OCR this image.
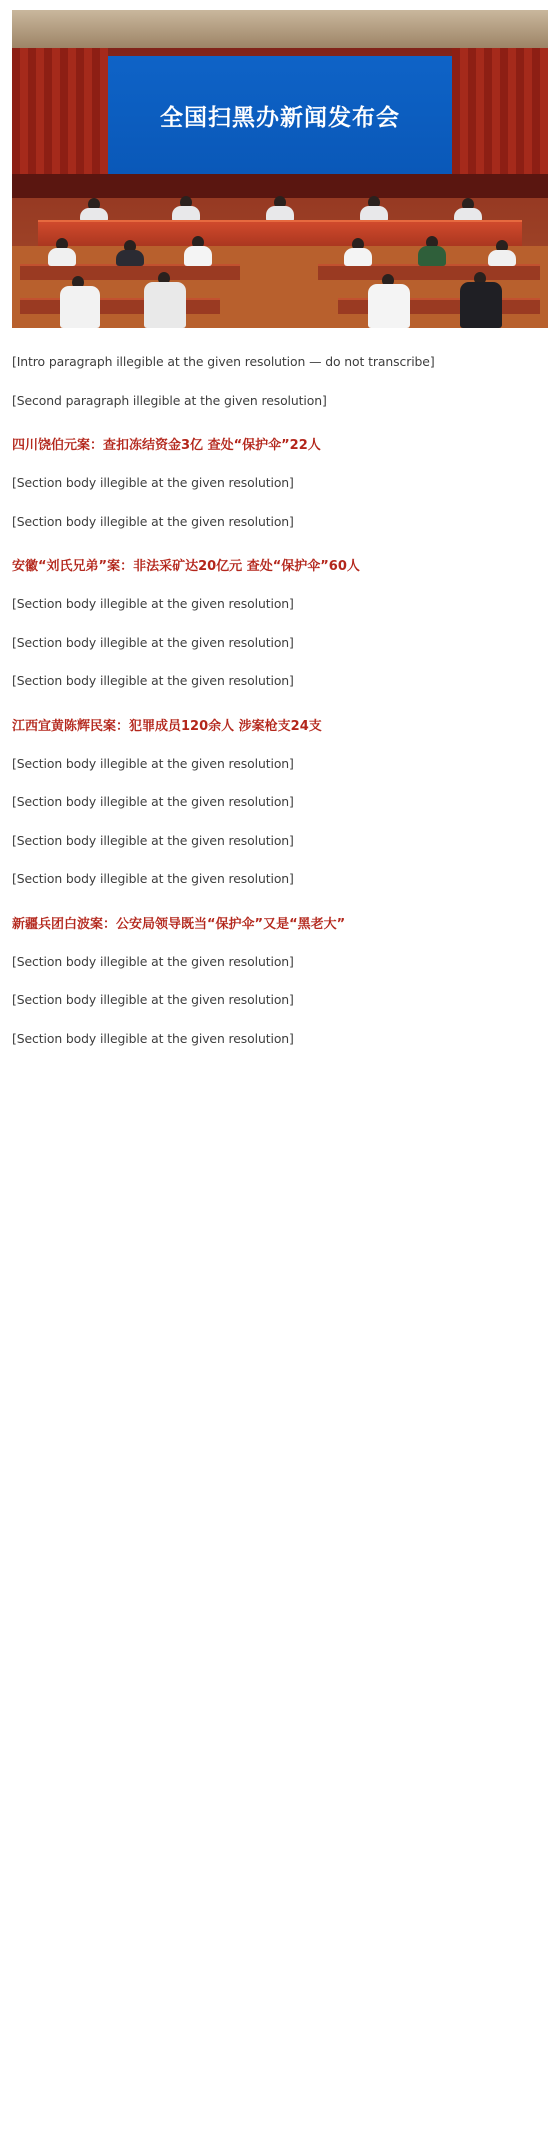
全国扫黑办新闻发布会

[Intro paragraph illegible at the given resolution — do not transcribe]

[Second paragraph illegible at the given resolution]

四川饶伯元案：查扣冻结资金3亿 查处“保护伞”22人

[Section body illegible at the given resolution]

[Section body illegible at the given resolution]

安徽“刘氏兄弟”案：非法采矿达20亿元 查处“保护伞”60人

[Section body illegible at the given resolution]

[Section body illegible at the given resolution]

[Section body illegible at the given resolution]

江西宜黄陈辉民案：犯罪成员120余人 涉案枪支24支

[Section body illegible at the given resolution]

[Section body illegible at the given resolution]

[Section body illegible at the given resolution]

[Section body illegible at the given resolution]

新疆兵团白波案：公安局领导既当“保护伞”又是“黑老大”

[Section body illegible at the given resolution]

[Section body illegible at the given resolution]

[Section body illegible at the given resolution]
